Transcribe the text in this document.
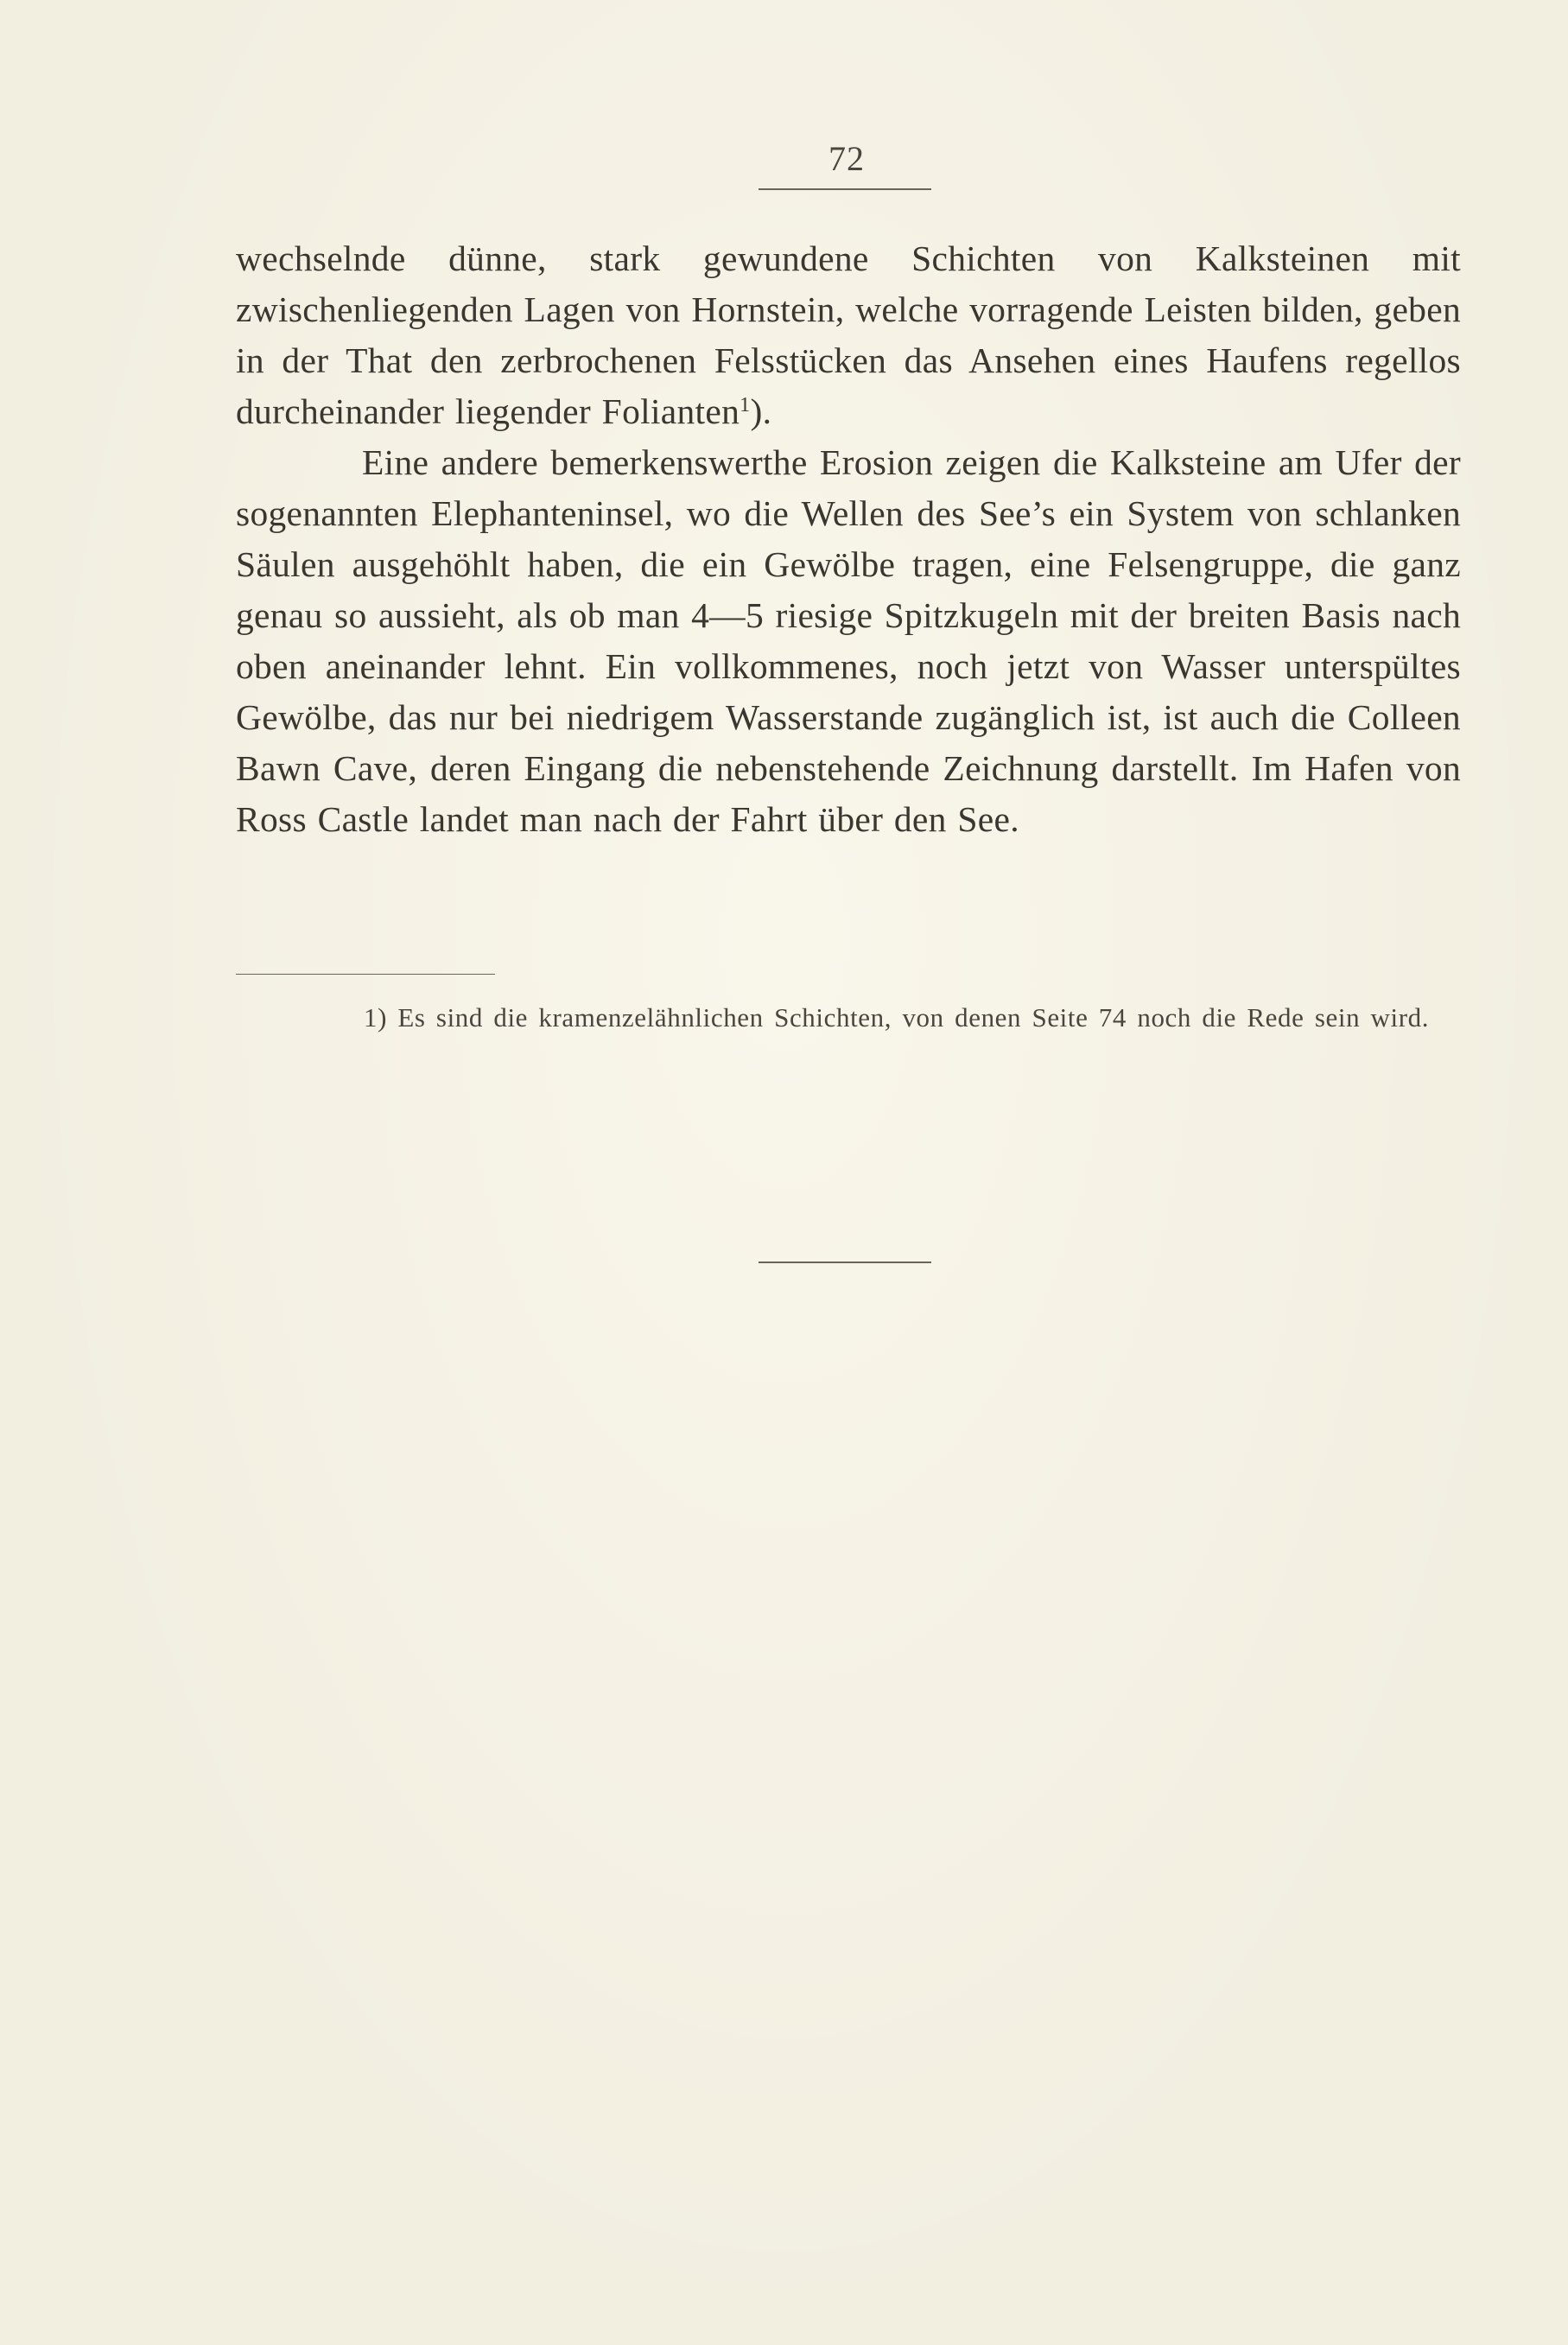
72

wechselnde dünne, stark gewundene Schichten von Kalksteinen mit zwischenliegenden Lagen von Hornstein, welche vorragende Leisten bilden, geben in der That den zerbrochenen Felsstücken das Ansehen eines Haufens regellos durcheinander liegender Folianten$^1$).

Eine andere bemerkenswerthe Erosion zeigen die Kalksteine am Ufer der sogenannten Elephanteninsel, wo die Wellen des See’s ein System von schlanken Säulen ausgehöhlt haben, die ein Gewölbe tragen, eine Felsengruppe, die ganz genau so aussieht, als ob man 4—5 riesige Spitzkugeln mit der breiten Basis nach oben aneinander lehnt. Ein vollkommenes, noch jetzt von Wasser unterspültes Gewölbe, das nur bei niedrigem Wasserstande zugänglich ist, ist auch die Colleen Bawn Cave, deren Eingang die nebenstehende Zeichnung darstellt. Im Hafen von Ross Castle landet man nach der Fahrt über den See.

1) Es sind die kramenzelähnlichen Schichten, von denen Seite 74 noch die Rede sein wird.
